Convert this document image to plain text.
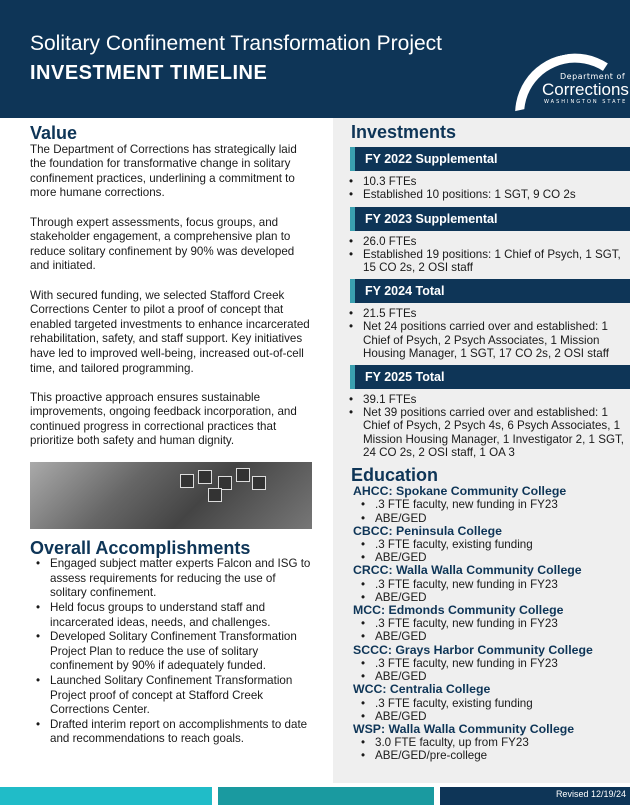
Solitary Confinement Transformation Project
INVESTMENT TIMELINE	Department of
Corrections
WASHINGTON STATE
Value

The Department of Corrections has strategically laid the foundation for transformative change in solitary confinement practices, underlining a commitment to more humane corrections.

Through expert assessments, focus groups, and stakeholder engagement, a comprehensive plan to reduce solitary confinement by 90% was developed and initiated.

With secured funding, we selected Stafford Creek Corrections Center to pilot a proof of concept that enabled targeted investments to enhance incarcerated rehabilitation, safety, and staff support. Key initiatives have led to improved well-being, increased out-of-cell time, and tailored programming.

This proactive approach ensures sustainable improvements, ongoing feedback incorporation, and continued progress in correctional practices that prioritize both safety and human dignity.

Overall Accomplishments
• Engaged subject matter experts Falcon and ISG to assess requirements for reducing the use of solitary confinement.
• Held focus groups to understand staff and incarcerated ideas, needs, and challenges.
• Developed Solitary Confinement Transformation Project Plan to reduce the use of solitary confinement by 90% if adequately funded.
• Launched Solitary Confinement Transformation Project proof of concept at Stafford Creek Corrections Center.
• Drafted interim report on accomplishments to date and recommendations to reach goals.
Investments
FY 2022 Supplemental
• 10.3 FTEs
• Established 10 positions: 1 SGT, 9 CO 2s
FY 2023 Supplemental
• 26.0 FTEs
• Established 19 positions: 1 Chief of Psych, 1 SGT, 15 CO 2s, 2 OSI staff
FY 2024 Total
• 21.5 FTEs
• Net 24 positions carried over and established: 1 Chief of Psych, 2 Psych Associates, 1 Mission Housing Manager, 1 SGT, 17 CO 2s, 2 OSI staff
FY 2025 Total
• 39.1 FTEs
• Net 39 positions carried over and established: 1 Chief of Psych, 2 Psych 4s, 6 Psych Associates, 1 Mission Housing Manager, 1 Investigator 2, 1 SGT, 24 CO 2s, 2 OSI staff, 1 OA 3
Education
AHCC: Spokane Community College
• .3 FTE faculty, new funding in FY23
• ABE/GED
CBCC: Peninsula College
• .3 FTE faculty, existing funding
• ABE/GED
CRCC: Walla Walla Community College
• .3 FTE faculty, new funding in FY23
• ABE/GED
MCC: Edmonds Community College
• .3 FTE faculty, new funding in FY23
• ABE/GED
SCCC: Grays Harbor Community College
• .3 FTE faculty, new funding in FY23
• ABE/GED
WCC: Centralia College
• .3 FTE faculty, existing funding
• ABE/GED
WSP: Walla Walla Community College
• 3.0 FTE faculty, up from FY23
• ABE/GED/pre-college
Revised 12/19/24
